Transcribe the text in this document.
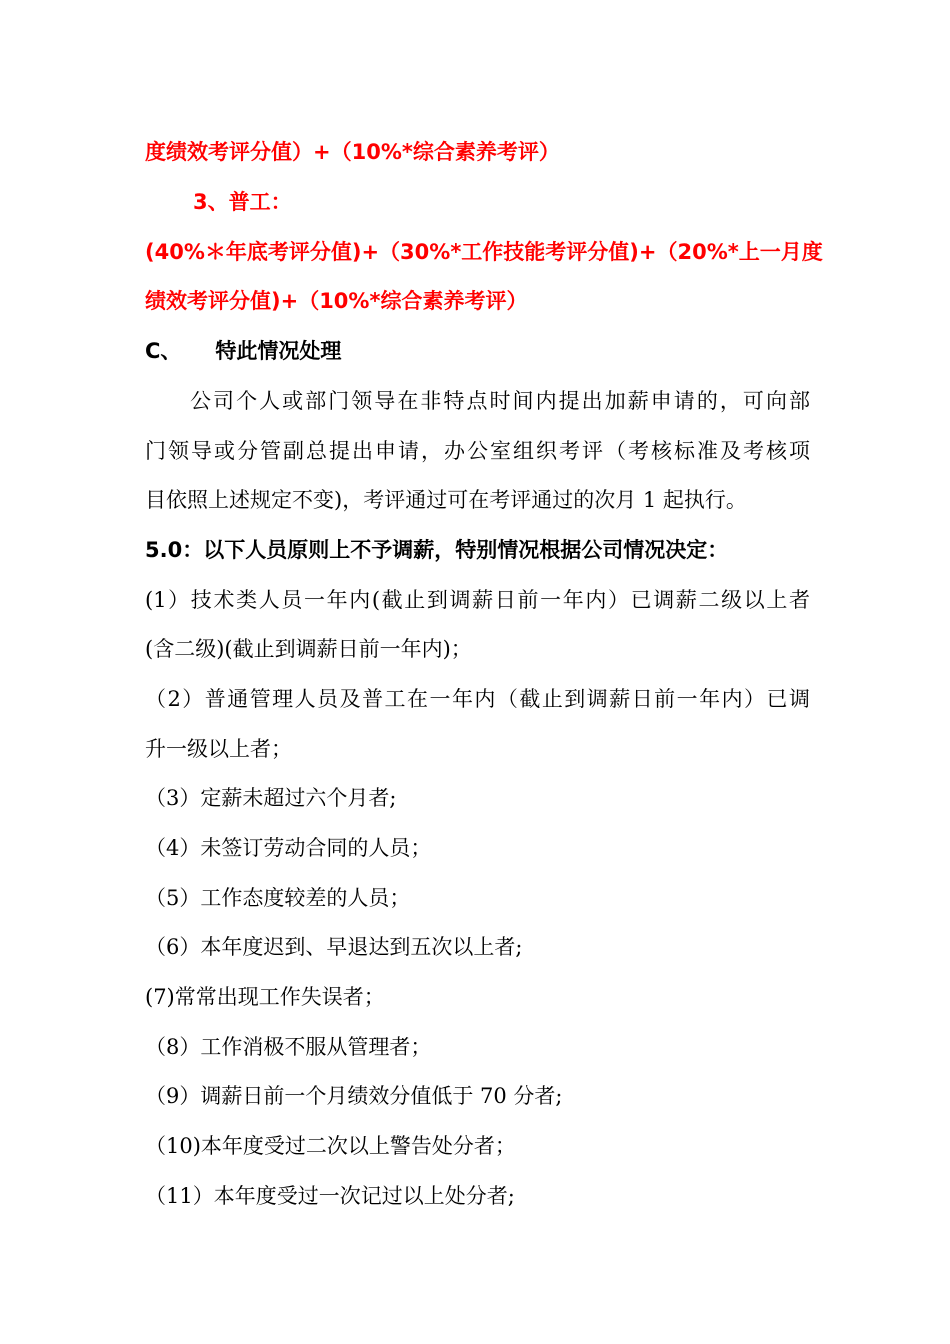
度绩效考评分值）+（10%*综合素养考评）
3、普工：
(40%＊年底考评分值)+（30%*工作技能考评分值)+（20%*上一月度
绩效考评分值)+（10%*综合素养考评）
C、 特此情况处理
公司个人或部门领导在非特点时间内提出加薪申请的，可向部
门领导或分管副总提出申请，办公室组织考评（考核标准及考核项
目依照上述规定不变)，考评通过可在考评通过的次月 1 起执行。
5.0：以下人员原则上不予调薪，特别情况根据公司情况决定：
(1）技术类人员一年内(截止到调薪日前一年内）已调薪二级以上者
(含二级)(截止到调薪日前一年内)；
（2）普通管理人员及普工在一年内（截止到调薪日前一年内）已调
升一级以上者；
（3）定薪未超过六个月者;
（4）未签订劳动合同的人员；
（5）工作态度较差的人员；
（6）本年度迟到、早退达到五次以上者;
(7)常常出现工作失误者；
（8）工作消极不服从管理者；
（9）调薪日前一个月绩效分值低于 70 分者;
（10)本年度受过二次以上警告处分者；
（11）本年度受过一次记过以上处分者;
